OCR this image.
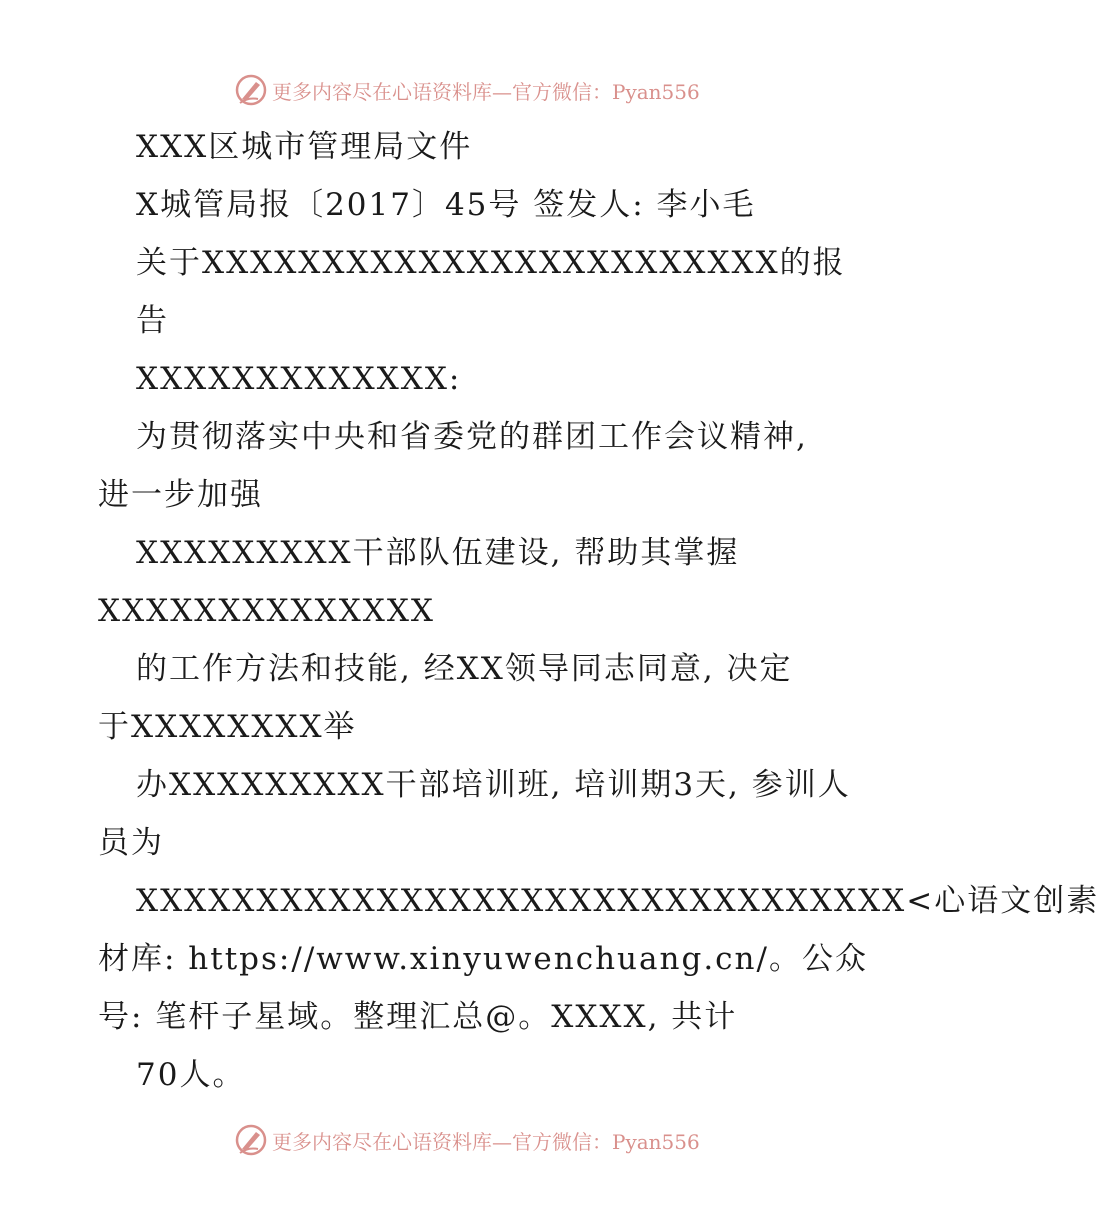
更多内容尽在心语资料库—官方微信：Pyan556
XXX区城市管理局文件
X城管局报〔2017〕45号 签发人: 李小毛
关于XXXXXXXXXXXXXXXXXXXXXXXX的报
告
XXXXXXXXXXXXX:
为贯彻落实中央和省委党的群团工作会议精神,
进一步加强
XXXXXXXXX干部队伍建设, 帮助其掌握
XXXXXXXXXXXXXX
的工作方法和技能, 经XX领导同志同意, 决定
于XXXXXXXX举
办XXXXXXXXX干部培训班, 培训期3天, 参训人
员为
XXXXXXXXXXXXXXXXXXXXXXXXXXXXXXXX<心语文创素
材库: https://www.xinyuwenchuang.cn/。公众
号: 笔杆子星域。整理汇总@。XXXX, 共计
70人。
更多内容尽在心语资料库—官方微信：Pyan556
